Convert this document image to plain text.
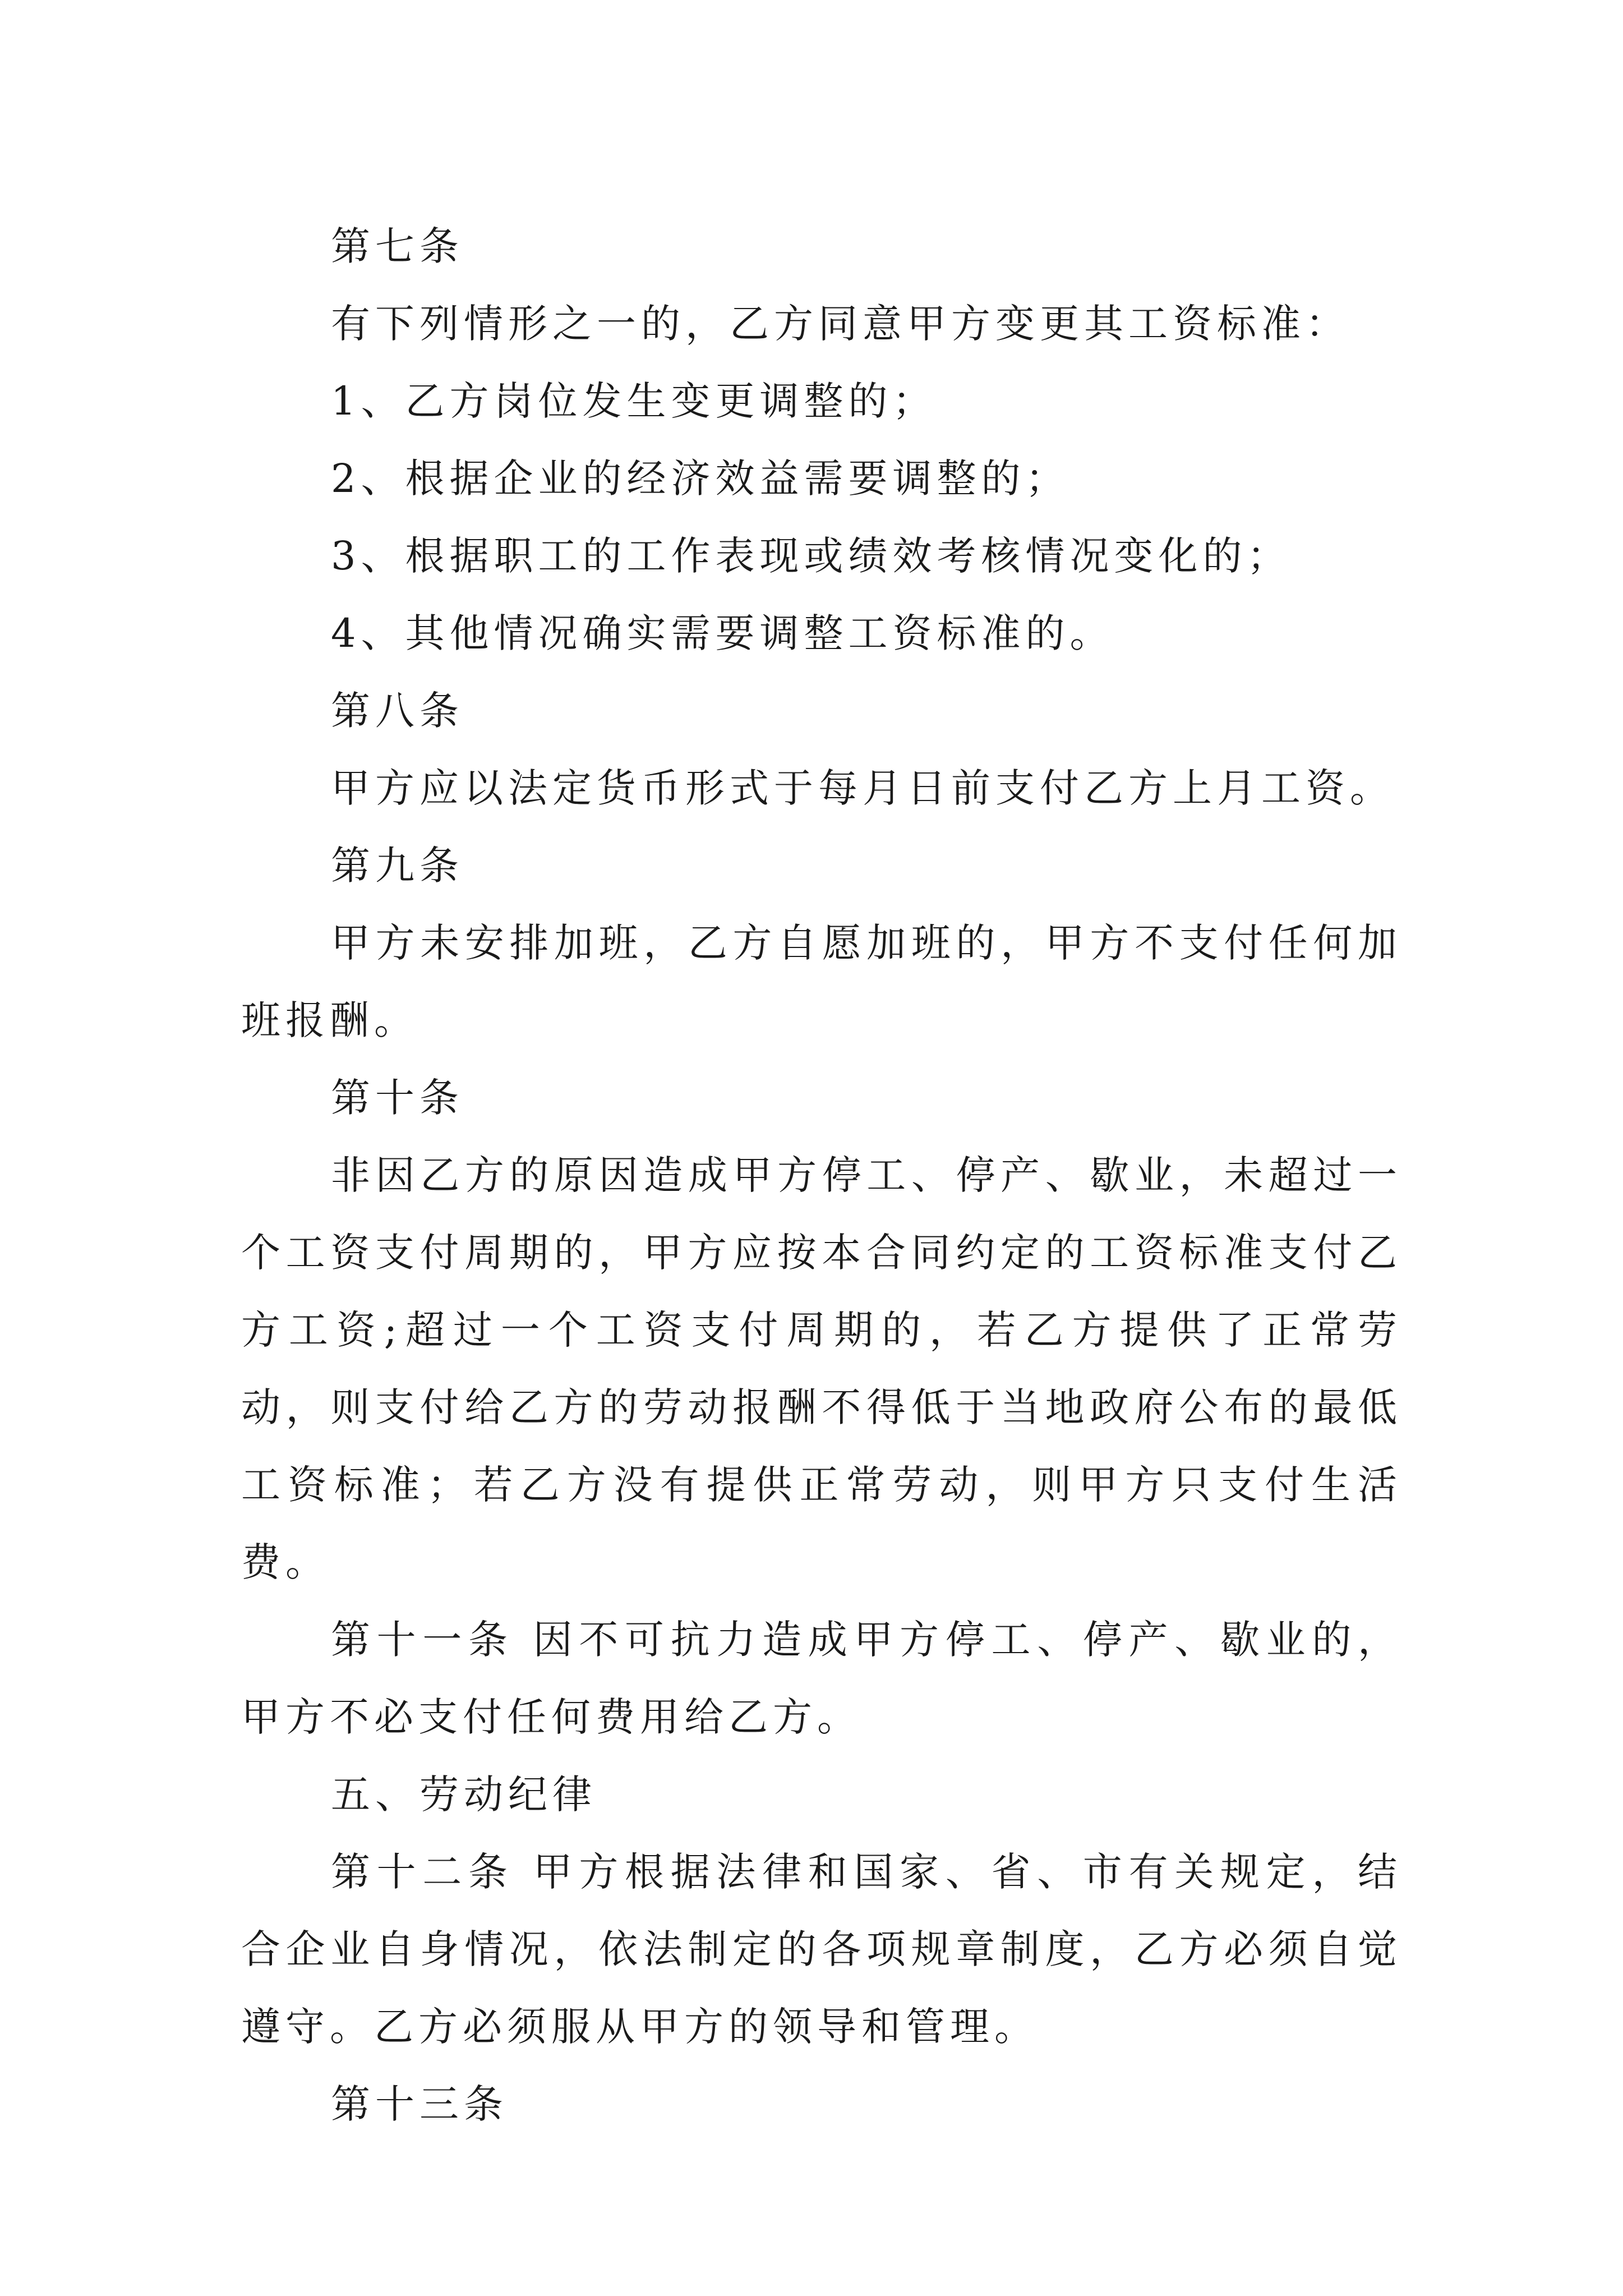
第七条

有下列情形之一的，乙方同意甲方变更其工资标准：

1、乙方岗位发生变更调整的；

2、根据企业的经济效益需要调整的；

3、根据职工的工作表现或绩效考核情况变化的；

4、其他情况确实需要调整工资标准的。

第八条

甲方应以法定货币形式于每月日前支付乙方上月工资。

第九条

甲方未安排加班，乙方自愿加班的，甲方不支付任何加班报酬。

第十条

非因乙方的原因造成甲方停工、停产、歇业，未超过一个工资支付周期的，甲方应按本合同约定的工资标准支付乙方工资;超过一个工资支付周期的，若乙方提供了正常劳动，则支付给乙方的劳动报酬不得低于当地政府公布的最低工资标准；若乙方没有提供正常劳动，则甲方只支付生活费。

第十一条 因不可抗力造成甲方停工、停产、歇业的，甲方不必支付任何费用给乙方。

五、劳动纪律

第十二条 甲方根据法律和国家、省、市有关规定，结合企业自身情况，依法制定的各项规章制度，乙方必须自觉遵守。乙方必须服从甲方的领导和管理。

第十三条
